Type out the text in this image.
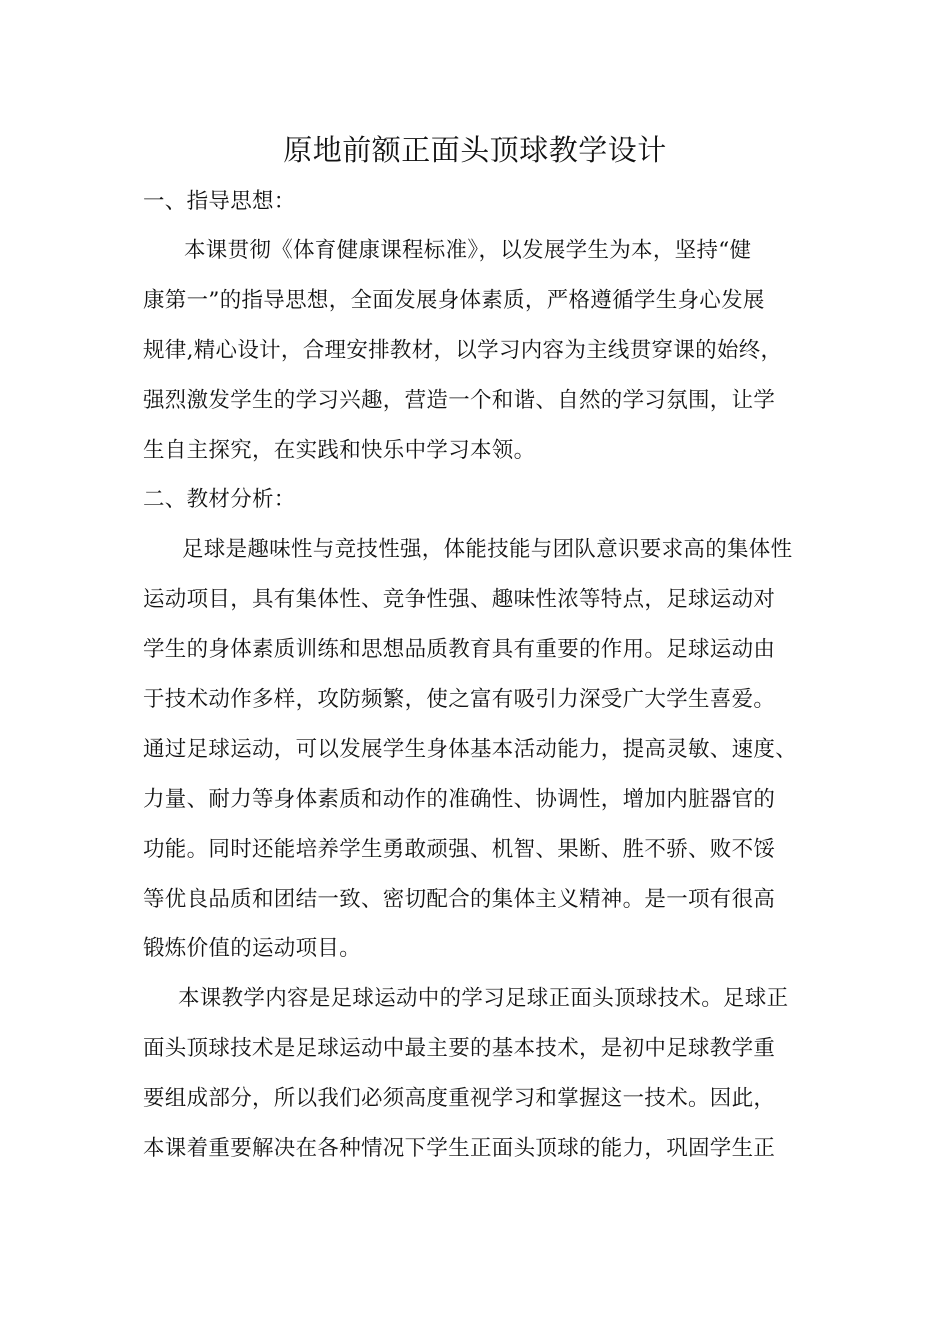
原地前额正面头顶球教学设计
一、指导思想：
本课贯彻《体育健康课程标准》，以发展学生为本，坚持“健
康第一”的指导思想，全面发展身体素质，严格遵循学生身心发展
规律,精心设计，合理安排教材，以学习内容为主线贯穿课的始终，
强烈激发学生的学习兴趣，营造一个和谐、自然的学习氛围，让学
生自主探究，在实践和快乐中学习本领。
二、教材分析：
足球是趣味性与竞技性强，体能技能与团队意识要求高的集体性
运动项目，具有集体性、竞争性强、趣味性浓等特点，足球运动对
学生的身体素质训练和思想品质教育具有重要的作用。足球运动由
于技术动作多样，攻防频繁，使之富有吸引力深受广大学生喜爱。
通过足球运动，可以发展学生身体基本活动能力，提高灵敏、速度、
力量、耐力等身体素质和动作的准确性、协调性，增加内脏器官的
功能。同时还能培养学生勇敢顽强、机智、果断、胜不骄、败不馁
等优良品质和团结一致、密切配合的集体主义精神。是一项有很高
锻炼价值的运动项目。
本课教学内容是足球运动中的学习足球正面头顶球技术。足球正
面头顶球技术是足球运动中最主要的基本技术，是初中足球教学重
要组成部分，所以我们必须高度重视学习和掌握这一技术。因此，
本课着重要解决在各种情况下学生正面头顶球的能力，巩固学生正
